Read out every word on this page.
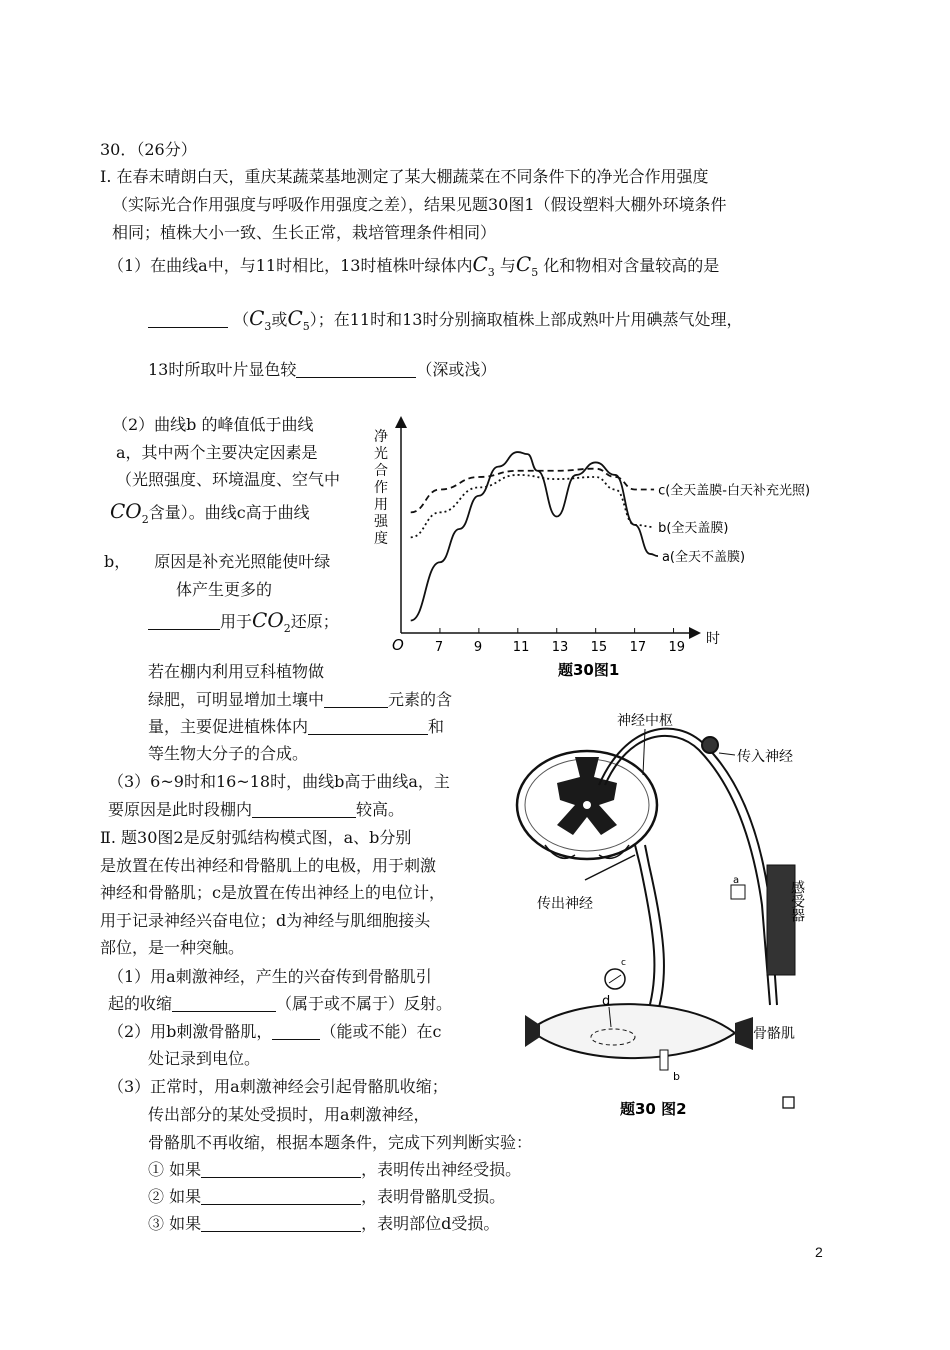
30．（26分）
Ⅰ. 在春末晴朗白天，重庆某蔬菜基地测定了某大棚蔬菜在不同条件下的净光合作用强度
（实际光合作用强度与呼吸作用强度之差），结果见题30图1（假设塑料大棚外环境条件
相同；植株大小一致、生长正常，栽培管理条件相同）
（1）在曲线a中，与11时相比，13时植株叶绿体内$C_3$ 与$C_5$ 化和物相对含量较高的是
（$C_3$或$C_5$）；在11时和13时分别摘取植株上部成熟叶片用碘蒸气处理，
13时所取叶片显色较	（深或浅）
（2）曲线b 的峰值低于曲线
a，其中两个主要决定因素是
（光照强度、环境温度、空气中
$CO_2$含量）。曲线c高于曲线
b， 原因是补充光照能使叶绿
体产生更多的
用于$CO_2$还原；
若在棚内利用豆科植物做
绿肥，可明显增加土壤中	元素的含
量，主要促进植株体内	和
等生物大分子的合成。
（3）6~9时和16~18时，曲线b高于曲线a，主
要原因是此时段棚内	较高。
Ⅱ. 题30图2是反射弧结构模式图，a、b分别
是放置在传出神经和骨骼肌上的电极，用于刺激
神经和骨骼肌；c是放置在传出神经上的电位计，
用于记录神经兴奋电位；d为神经与肌细胞接头
部位，是一种突触。
（1）用a刺激神经，产生的兴奋传到骨骼肌引
起的收缩	（属于或不属于）反射。
（2）用b刺激骨骼肌，	（能或不能）在c
处记录到电位。
（3）正常时，用a刺激神经会引起骨骼肌收缩；
传出部分的某处受损时，用a刺激神经，
骨骼肌不再收缩，根据本题条件，完成下列判断实验：
① 如果	，表明传出神经受损。
② 如果	，表明骨骼肌受损。
③ 如果	，表明部位d受损。
净
光
合
作
用
强
度
7 9 11 13 15 17 19
a(全天不盖膜)
b(全天盖膜)
c(全天盖膜-白天补充光照)
O	时
题30图1
神经中枢
传入神经
传出神经	感受器
骨骼肌
a
b
c
d
题30 图2
2
